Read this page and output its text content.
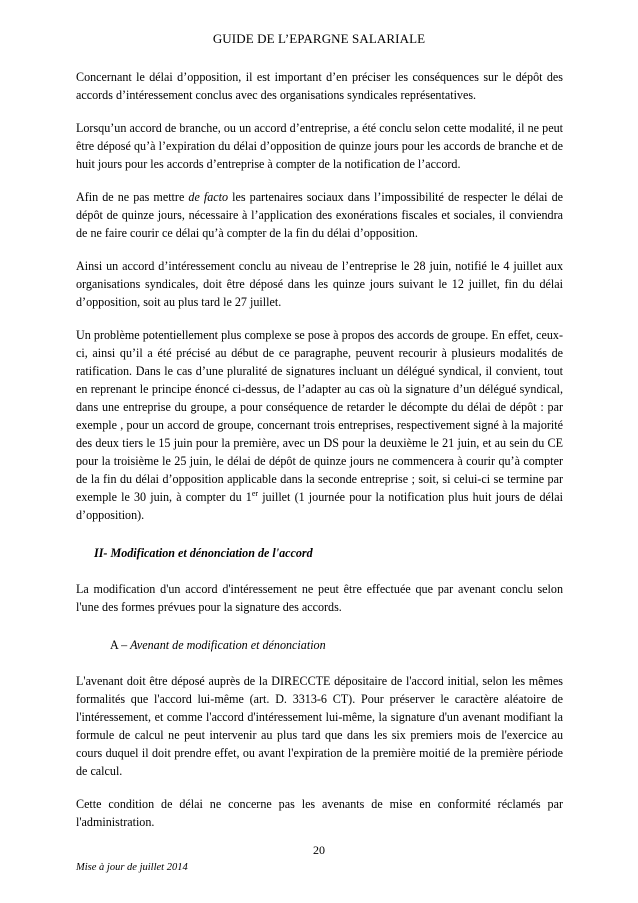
GUIDE DE L’EPARGNE SALARIALE

Concernant le délai d’opposition, il est important d’en préciser les conséquences sur le dépôt des accords d’intéressement conclus avec des organisations syndicales représentatives.

Lorsqu’un accord de branche, ou un accord d’entreprise, a été conclu selon cette modalité, il ne peut être déposé qu’à l’expiration du délai d’opposition de quinze jours pour les accords de branche et de huit jours pour les accords d’entreprise à compter de la notification de l’accord.

Afin de ne pas mettre de facto les partenaires sociaux dans l’impossibilité de respecter le délai de dépôt de quinze jours, nécessaire à l’application des exonérations fiscales et sociales, il conviendra de ne faire courir ce délai qu’à compter de la fin du délai d’opposition.

Ainsi un accord d’intéressement conclu au niveau de l’entreprise le 28 juin, notifié le 4 juillet aux organisations syndicales, doit être déposé dans les quinze jours suivant le 12 juillet, fin du délai d’opposition, soit au plus tard le 27 juillet.

Un problème potentiellement plus complexe se pose à propos des accords de groupe. En effet, ceux-ci, ainsi qu’il a été précisé au début de ce paragraphe, peuvent recourir à plusieurs modalités de ratification. Dans le cas d’une pluralité de signatures incluant un délégué syndical, il convient, tout en reprenant le principe énoncé ci-dessus, de l’adapter au cas où la signature d’un délégué syndical, dans une entreprise du groupe, a pour conséquence de retarder le décompte du délai de dépôt : par exemple , pour un accord de groupe, concernant trois entreprises, respectivement signé à la majorité des deux tiers le 15 juin pour la première, avec un DS pour la deuxième le 21 juin, et au sein du CE pour la troisième le 25 juin, le délai de dépôt de quinze jours ne commencera à courir qu’à compter de la fin du délai d’opposition applicable dans la seconde entreprise ; soit, si celui-ci se termine par exemple le 30 juin, à compter du 1er juillet (1 journée pour la notification plus huit jours de délai d’opposition).

II- Modification et dénonciation de l'accord

La modification d'un accord d'intéressement ne peut être effectuée que par avenant conclu selon l'une des formes prévues pour la signature des accords.

A – Avenant de modification et dénonciation

L'avenant doit être déposé auprès de la DIRECCTE dépositaire de l'accord initial, selon les mêmes formalités que l'accord lui-même (art. D. 3313-6 CT). Pour préserver le caractère aléatoire de l'intéressement, et comme l'accord d'intéressement lui-même, la signature d'un avenant modifiant la formule de calcul ne peut intervenir au plus tard que dans les six premiers mois de l'exercice au cours duquel il doit prendre effet, ou avant l'expiration de la première moitié de la première période de calcul.

Cette condition de délai ne concerne pas les avenants de mise en conformité réclamés par l'administration.

20
Mise à jour de juillet 2014
